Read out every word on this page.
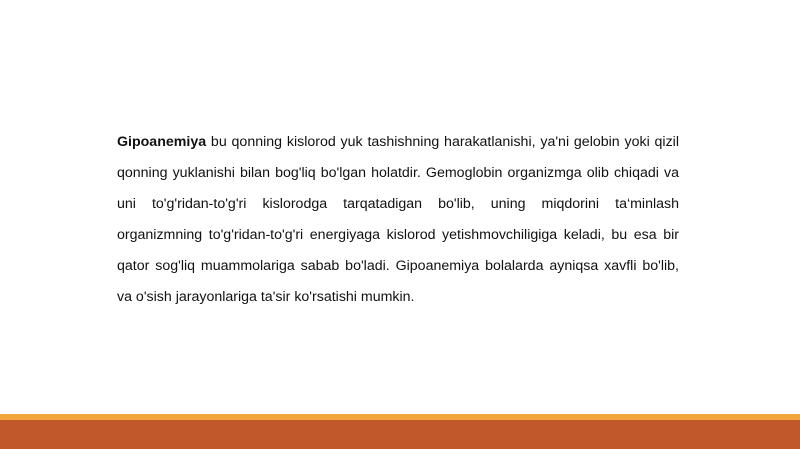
Gipoanemiya bu qonning kislorod yuk tashishning harakatlanishi, ya'ni gelobin yoki qizil qonning yuklanishi bilan bog'liq bo'lgan holatdir. Gemoglobin organizmga olib chiqadi va uni to'g'ridan-to'g'ri kislorodga tarqatadigan bo'lib, uning miqdorini ta‘minlash organizmning to'g'ridan-to'g'ri energiyaga kislorod yetishmovchiligiga keladi, bu esa bir qator sog'liq muammolariga sabab bo'ladi. Gipoanemiya bolalarda ayniqsa xavfli bo'lib, va o'sish jarayonlariga ta'sir ko'rsatishi mumkin.
